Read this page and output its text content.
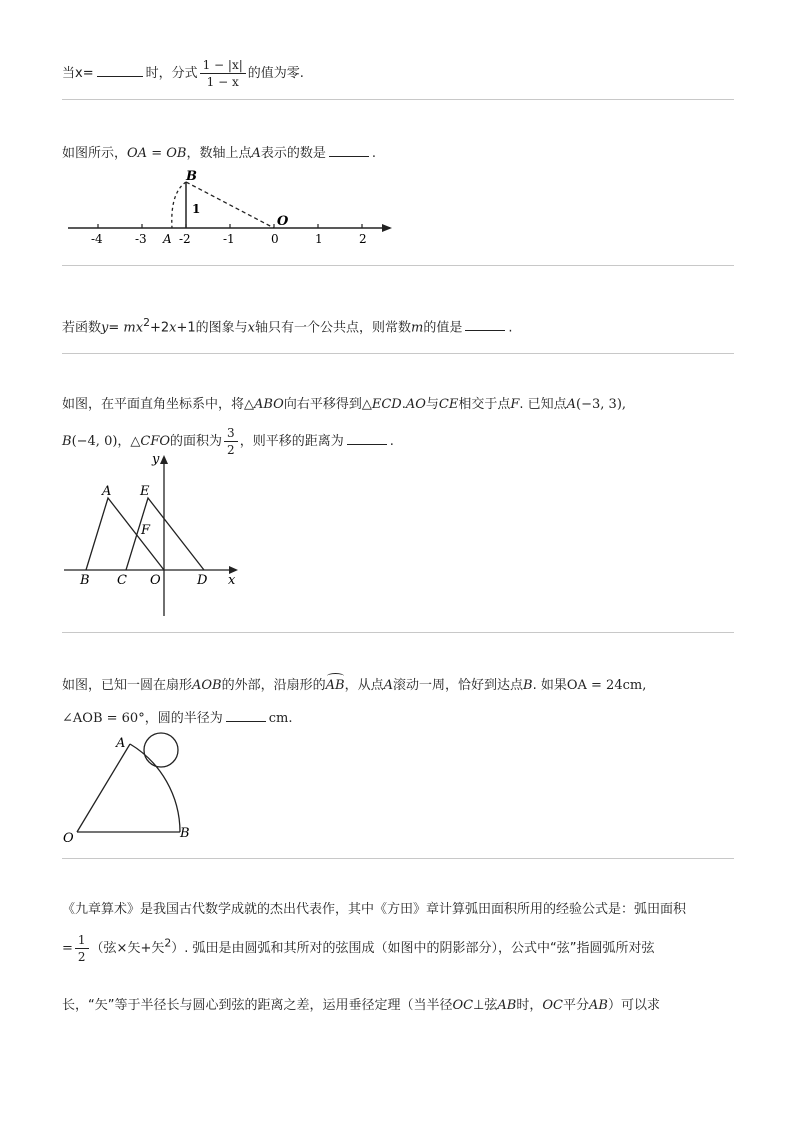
当x=	时，分式 $\frac{1 - |x|}{1 - x}$ 的值为零.
如图所示，OA = OB，数轴上点A表示的数是	.
-4	-3	-2	-1	0	1	2
A
B
1
O
若函数$y= mx^2+2x+1$的图象与x轴只有一个公共点，则常数m的值是	.
如图，在平面直角坐标系中，将△ABO向右平移得到△ECD.AO与CE相交于点F. 已知点A(−3, 3),
B(−4, 0)，△CFO的面积为 $\frac{3}{2}$ ，则平移的距离为	.
y
A E
F
B C O	D x
如图，已知一圆在扇形AOB的外部，沿扇形的AB，从点A滚动一周，恰好到达点B. 如果OA = 24cm,
∠AOB = 60°，圆的半径为	cm.
A
O	B
《九章算术》是我国古代数学成就的杰出代表作，其中《方田》章计算弧田面积所用的经验公式是：弧田面积
= $\frac{1}{2}$ （弦×矢+矢$^2$）. 弧田是由圆弧和其所对的弦围成（如图中的阴影部分），公式中“弦”指圆弧所对弦
长，“矢”等于半径长与圆心到弦的距离之差，运用垂径定理（当半径OC⊥弦AB时，OC平分AB）可以求
